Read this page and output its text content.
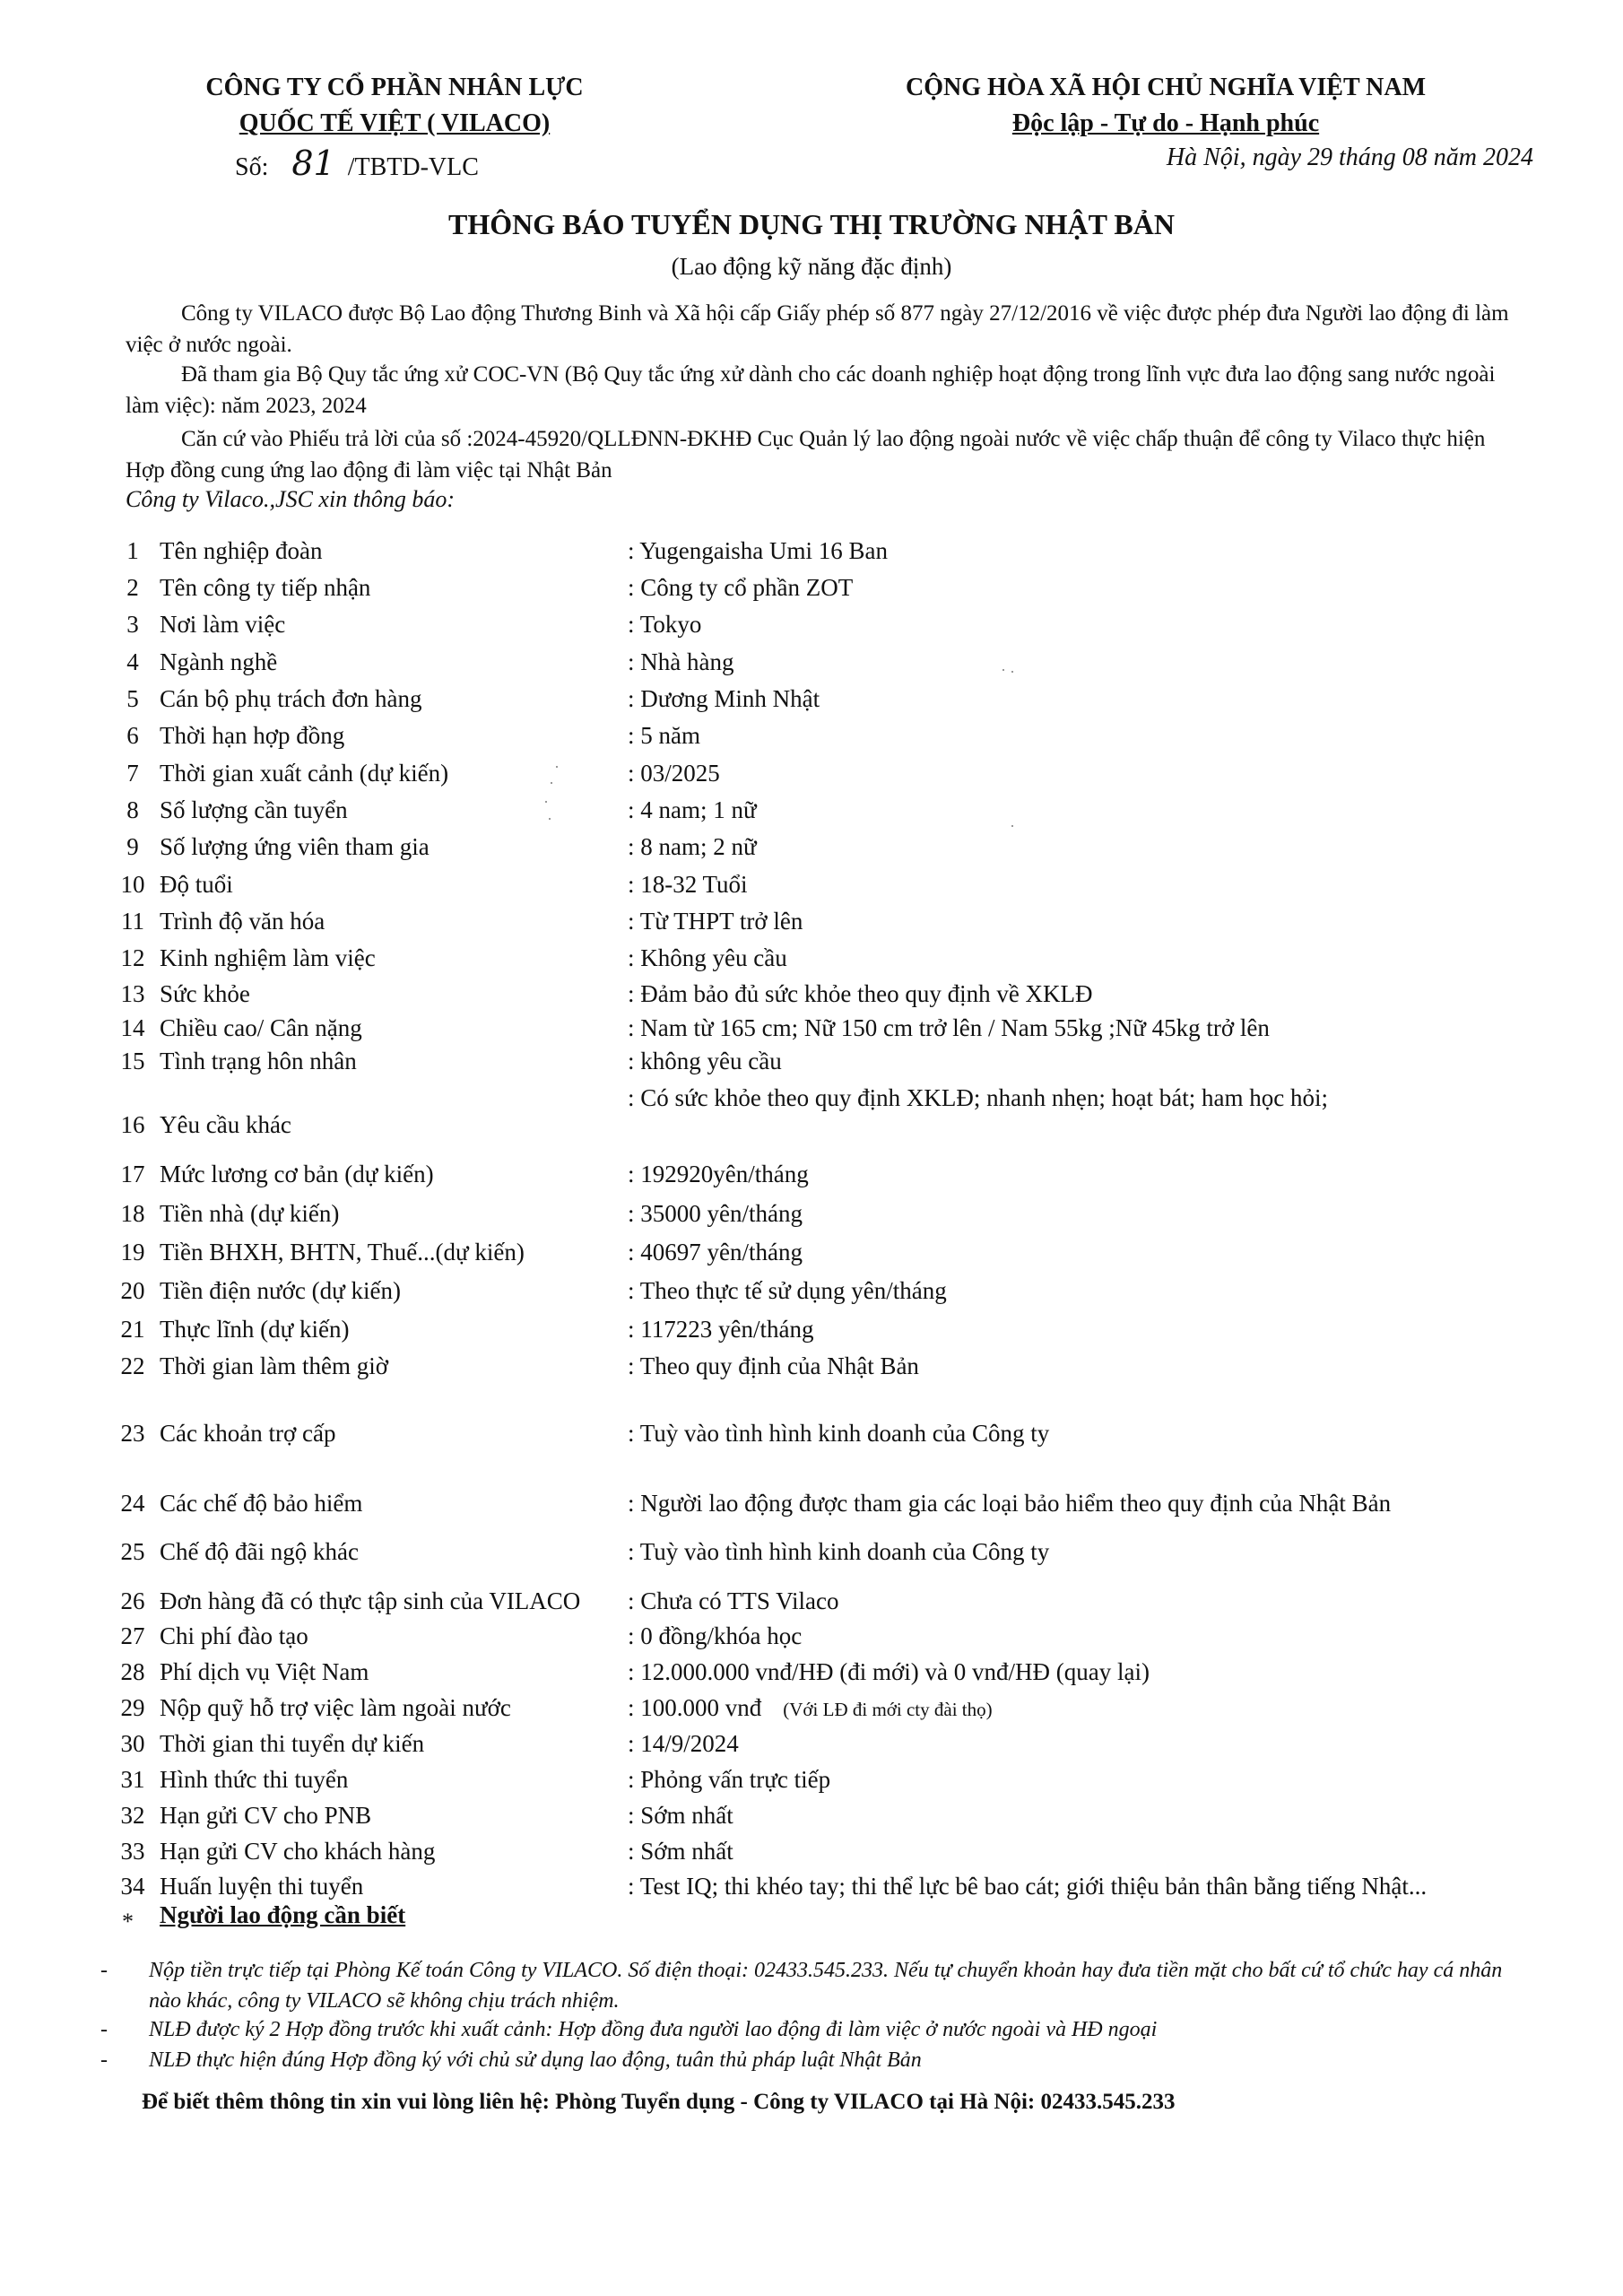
CÔNG TY CỔ PHẦN NHÂN LỰC
QUỐC TẾ VIỆT ( VILACO)
Số: 81 /TBTD-VLC
CỘNG HÒA XÃ HỘI CHỦ NGHĨA VIỆT NAM
Độc lập - Tự do - Hạnh phúc
Hà Nội, ngày 29 tháng 08 năm 2024
THÔNG BÁO TUYỂN DỤNG THỊ TRƯỜNG NHẬT BẢN
(Lao động kỹ năng đặc định)
Công ty VILACO được Bộ Lao động Thương Binh và Xã hội cấp Giấy phép số 877 ngày 27/12/2016 về việc được phép đưa Người lao động đi làm việc ở nước ngoài.
Đã tham gia Bộ Quy tắc ứng xử COC-VN (Bộ Quy tắc ứng xử dành cho các doanh nghiệp hoạt động trong lĩnh vực đưa lao động sang nước ngoài làm việc): năm 2023, 2024
Căn cứ vào Phiếu trả lời của số :2024-45920/QLLĐNN-ĐKHĐ Cục Quản lý lao động ngoài nước về việc chấp thuận để công ty Vilaco thực hiện Hợp đồng cung ứng lao động đi làm việc tại Nhật Bản
Công ty Vilaco.,JSC xin thông báo:
1 Tên nghiệp đoàn	: Yugengaisha Umi 16 Ban
2 Tên công ty tiếp nhận	: Công ty cổ phần ZOT
3 Nơi làm việc	: Tokyo
4 Ngành nghề	: Nhà hàng
5 Cán bộ phụ trách đơn hàng	: Dương Minh Nhật
6 Thời hạn hợp đồng	: 5 năm
7 Thời gian xuất cảnh (dự kiến)	: 03/2025
8 Số lượng cần tuyển	: 4 nam; 1 nữ
9 Số lượng ứng viên tham gia	: 8 nam; 2 nữ
10 Độ tuổi	: 18-32 Tuổi
11 Trình độ văn hóa	: Từ THPT trở lên
12 Kinh nghiệm làm việc	: Không yêu cầu
13 Sức khỏe	: Đảm bảo đủ sức khỏe theo quy định về XKLĐ
14 Chiều cao/ Cân nặng	: Nam từ 165 cm; Nữ 150 cm trở lên / Nam 55kg ;Nữ 45kg trở lên
15 Tình trạng hôn nhân	: không yêu cầu
16 Yêu cầu khác
: Có sức khỏe theo quy định XKLĐ; nhanh nhẹn; hoạt bát; ham học hỏi;
17 Mức lương cơ bản (dự kiến)	: 192920yên/tháng
18 Tiền nhà (dự kiến)	: 35000 yên/tháng
19 Tiền BHXH, BHTN, Thuế...(dự kiến)	: 40697 yên/tháng
20 Tiền điện nước (dự kiến)	: Theo thực tế sử dụng yên/tháng
21 Thực lĩnh (dự kiến)	: 117223 yên/tháng
22 Thời gian làm thêm giờ	: Theo quy định của Nhật Bản
23 Các khoản trợ cấp	: Tuỳ vào tình hình kinh doanh của Công ty
24 Các chế độ bảo hiểm	: Người lao động được tham gia các loại bảo hiểm theo quy định của Nhật Bản
25 Chế độ đãi ngộ khác	: Tuỳ vào tình hình kinh doanh của Công ty
26 Đơn hàng đã có thực tập sinh của VILACO : Chưa có TTS Vilaco
27 Chi phí đào tạo	: 0 đồng/khóa học
28 Phí dịch vụ Việt Nam	: 12.000.000 vnđ/HĐ (đi mới) và 0 vnđ/HĐ (quay lại)
29 Nộp quỹ hỗ trợ việc làm ngoài nước	: 100.000 vnđ (Với LĐ đi mới cty đài thọ)
30 Thời gian thi tuyển dự kiến	: 14/9/2024
31 Hình thức thi tuyển	: Phỏng vấn trực tiếp
32 Hạn gửi CV cho PNB	: Sớm nhất
33 Hạn gửi CV cho khách hàng	: Sớm nhất
34 Huấn luyện thi tuyển	: Test IQ; thi khéo tay; thi thể lực bê bao cát; giới thiệu bản thân bằng tiếng Nhật...
* Người lao động cần biết
-	Nộp tiền trực tiếp tại Phòng Kế toán Công ty VILACO. Số điện thoại: 02433.545.233. Nếu tự chuyển khoản hay đưa tiền mặt cho bất cứ tổ chức hay cá nhân nào khác, công ty VILACO sẽ không chịu trách nhiệm.
-	NLĐ được ký 2 Hợp đồng trước khi xuất cảnh: Hợp đồng đưa người lao động đi làm việc ở nước ngoài và HĐ ngoại
-	NLĐ thực hiện đúng Hợp đồng ký với chủ sử dụng lao động, tuân thủ pháp luật Nhật Bản
Để biết thêm thông tin xin vui lòng liên hệ: Phòng Tuyển dụng - Công ty VILACO tại Hà Nội: 02433.545.233
